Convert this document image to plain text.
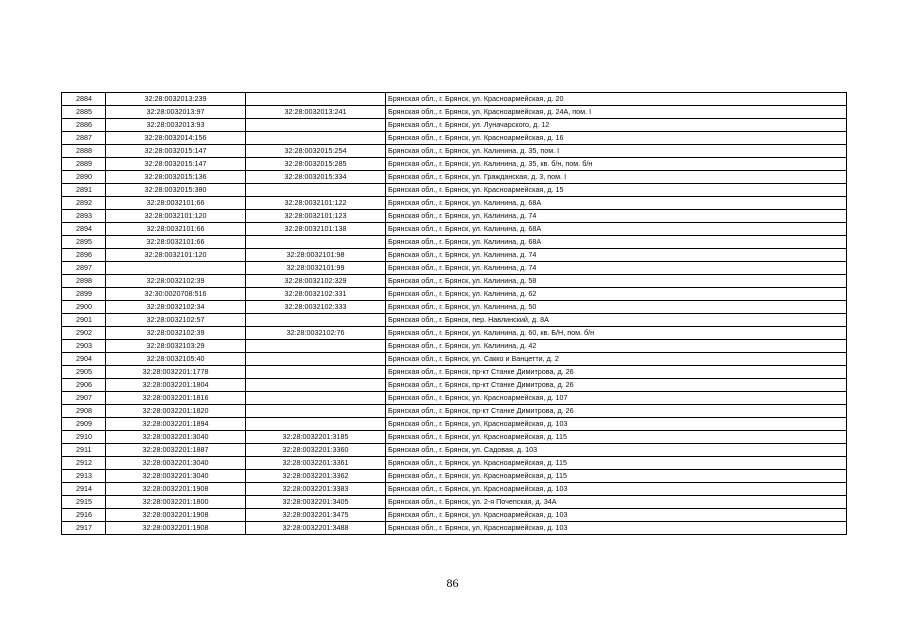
2884	32:28:0032013:239		Брянская обл., г. Брянск, ул. Красноармейская, д. 20
2885	32:28:0032013:97	32:28:0032013:241	Брянская обл., г. Брянск, ул. Красноармейская, д. 24А, пом. I
2886	32:28:0032013:93		Брянская обл., г. Брянск, ул. Луначарского, д. 12
2887	32:28:0032014:156		Брянская обл., г. Брянск, ул. Красноармейская, д. 16
2888	32:28:0032015:147	32:28:0032015:254	Брянская обл., г. Брянск, ул. Калинина, д. 35, пом. I
2889	32:28:0032015:147	32:28:0032015:285	Брянская обл., г. Брянск, ул. Калинина, д. 35, кв. б/н, пом. б/н
2890	32:28:0032015:136	32:28:0032015:334	Брянская обл., г. Брянск, ул. Гражданская, д. 3, пом. I
2891	32:28:0032015:380		Брянская обл., г. Брянск, ул. Красноармейская, д. 15
2892	32:28:0032101:66	32:28:0032101:122	Брянская обл., г. Брянск, ул. Калинина, д. 68А
2893	32:28:0032101:120	32:28:0032101:123	Брянская обл., г. Брянск, ул. Калинина, д. 74
2894	32:28:0032101:66	32:28:0032101:138	Брянская обл., г. Брянск, ул. Калинина, д. 68А
2895	32:28:0032101:66		Брянская обл., г. Брянск, ул. Калинина, д. 68А
2896	32:28:0032101:120	32:28:0032101:98	Брянская обл., г. Брянск, ул. Калинина, д. 74
2897		32:28:0032101:99	Брянская обл., г. Брянск, ул. Калинина, д. 74
2898	32:28:0032102:39	32:28:0032102:329	Брянская обл., г. Брянск, ул. Калинина, д. 58
2899	32:30:0020708:516	32:28:0032102:331	Брянская обл., г. Брянск, ул. Калинина, д. 62
2900	32:28:0032102:34	32:28:0032102:333	Брянская обл., г. Брянск, ул. Калинина, д. 50
2901	32:28:0032102:57		Брянская обл., г. Брянск, пер. Навлинский, д. 8А
2902	32:28:0032102:39	32:28:0032102:76	Брянская обл., г. Брянск, ул. Калинина, д. 60, кв. Б/Н, пом. б/н
2903	32:28:0032103:29		Брянская обл., г. Брянск, ул. Калинина, д. 42
2904	32:28:0032105:40		Брянская обл., г. Брянск, ул. Сакко и Ванцетти, д. 2
2905	32:28:0032201:1778		Брянская обл., г. Брянск, пр-кт Станке Димитрова, д. 26
2906	32:28:0032201:1804		Брянская обл., г. Брянск, пр-кт Станке Димитрова, д. 26
2907	32:28:0032201:1816		Брянская обл., г. Брянск, ул. Красноармейская, д. 107
2908	32:28:0032201:1820		Брянская обл., г. Брянск, пр-кт Станке Димитрова, д. 26
2909	32:28:0032201:1894		Брянская обл., г. Брянск, ул. Красноармейская, д. 103
2910	32:28:0032201:3040	32:28:0032201:3185	Брянская обл., г. Брянск, ул. Красноармейская, д. 115
2911	32:28:0032201:1887	32:28:0032201:3360	Брянская обл., г. Брянск, ул. Садовая, д. 103
2912	32:28:0032201:3040	32:28:0032201:3361	Брянская обл., г. Брянск, ул. Красноармейская, д. 115
2913	32:28:0032201:3040	32:28:0032201:3362	Брянская обл., г. Брянск, ул. Красноармейская, д. 115
2914	32:28:0032201:1908	32:28:0032201:3383	Брянская обл., г. Брянск, ул. Красноармейская, д. 103
2915	32:28:0032201:1800	32:28:0032201:3405	Брянская обл., г. Брянск, ул. 2-я Почепская, д. 34А
2916	32:28:0032201:1908	32:28:0032201:3475	Брянская обл., г. Брянск, ул. Красноармейская, д. 103
2917	32:28:0032201:1908	32:28:0032201:3488	Брянская обл., г. Брянск, ул. Красноармейская, д. 103
86
